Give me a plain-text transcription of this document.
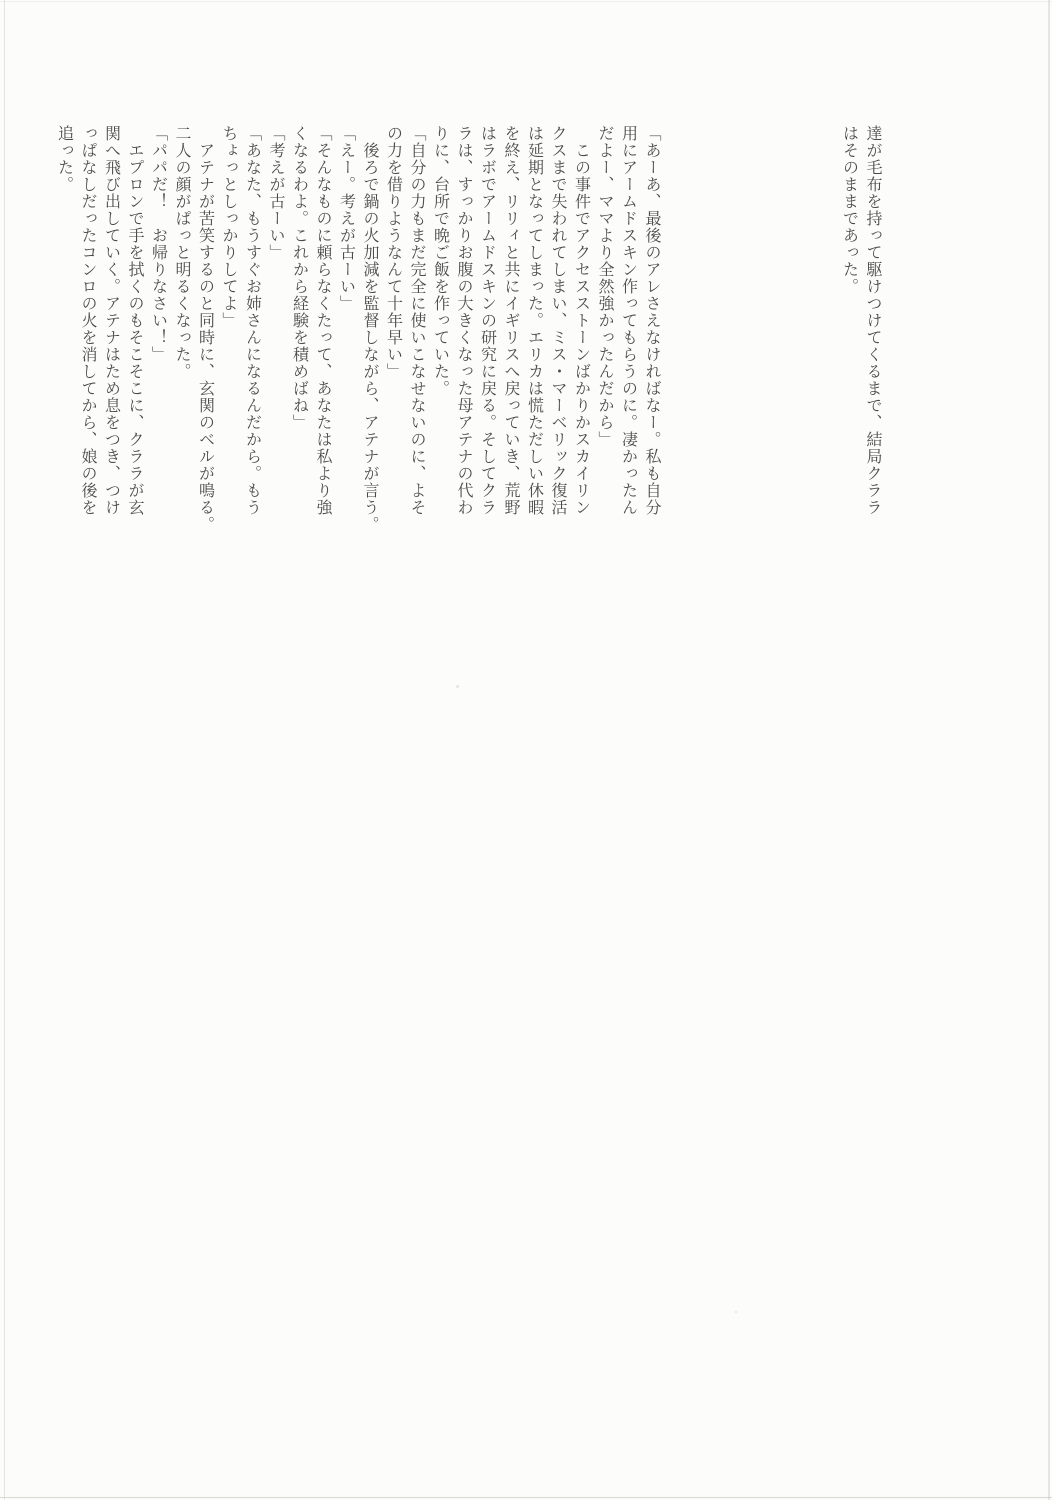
達が毛布を持って駆けつけてくるまで、結局クララ
はそのままであった。

「あーあ、最後のアレさえなければなー。私も自分
用にアームドスキン作ってもらうのに。凄かったん
だよー、ママより全然強かったんだから」
　この事件でアクセスストーンばかりかスカイリン
クスまで失われてしまい、ミス・マーベリック復活
は延期となってしまった。エリカは慌ただしい休暇
を終え、リリィと共にイギリスへ戻っていき、荒野
はラボでアームドスキンの研究に戻る。そしてクラ
ラは、すっかりお腹の大きくなった母アテナの代わ
りに、台所で晩ご飯を作っていた。
「自分の力もまだ完全に使いこなせないのに、よそ
の力を借りようなんて十年早い」
　後ろで鍋の火加減を監督しながら、アテナが言う。
「えー。考えが古ーい」
「そんなものに頼らなくたって、あなたは私より強
くなるわよ。これから経験を積めばね」
「考えが古ーい」
「あなた、もうすぐお姉さんになるんだから。もう
ちょっとしっかりしてよ」
　アテナが苦笑するのと同時に、玄関のベルが鳴る。
二人の顔がぱっと明るくなった。
「パパだ！　お帰りなさい！」
　エプロンで手を拭くのもそこそこに、クララが玄
関へ飛び出していく。アテナはため息をつき、つけ
っぱなしだったコンロの火を消してから、娘の後を
追った。
